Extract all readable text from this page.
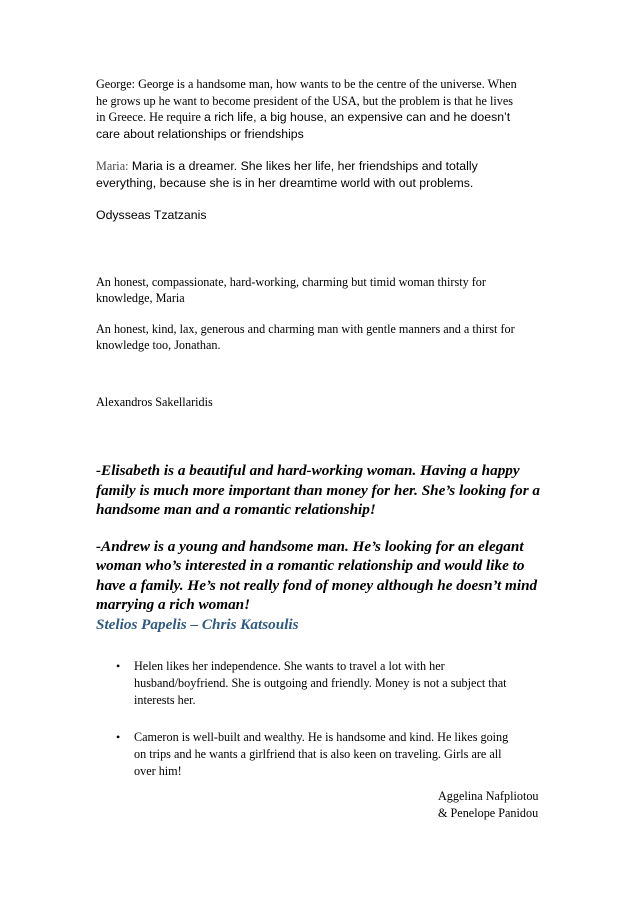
George: George is a handsome man, how wants to be the centre of the universe. When

he grows up he want to become president of the USA, but the problem is that he lives

in Greece. He require a rich life, a big house, an expensive can and he doesn’t

care about relationships or friendships

Maria: Maria is a dreamer. She likes her life, her friendships and totally

everything, because she is in her dreamtime world with out problems.

Odysseas Tzatzanis

An honest, compassionate, hard-working, charming but timid woman thirsty for

knowledge, Maria

An honest, kind, lax, generous and charming man with gentle manners and a thirst for

knowledge too, Jonathan.

Alexandros Sakellaridis

-Elisabeth is a beautiful and hard-working woman. Having a happy

family is much more important than money for her. She’s looking for a

handsome man and a romantic relationship!

-Andrew is a young and handsome man. He’s looking for an elegant

woman who’s interested in a romantic relationship and would like to

have a family. He’s not really fond of money although he doesn’t mind

marrying a rich woman!

Stelios Papelis – Chris Katsoulis

• Helen likes her independence. She wants to travel a lot with her
husband/boyfriend. She is outgoing and friendly. Money is not a subject that
interests her.
• Cameron is well-built and wealthy. He is handsome and kind. He likes going
on trips and he wants a girlfriend that is also keen on traveling. Girls are all
over him!
Aggelina Nafpliotou
& Penelope Panidou
